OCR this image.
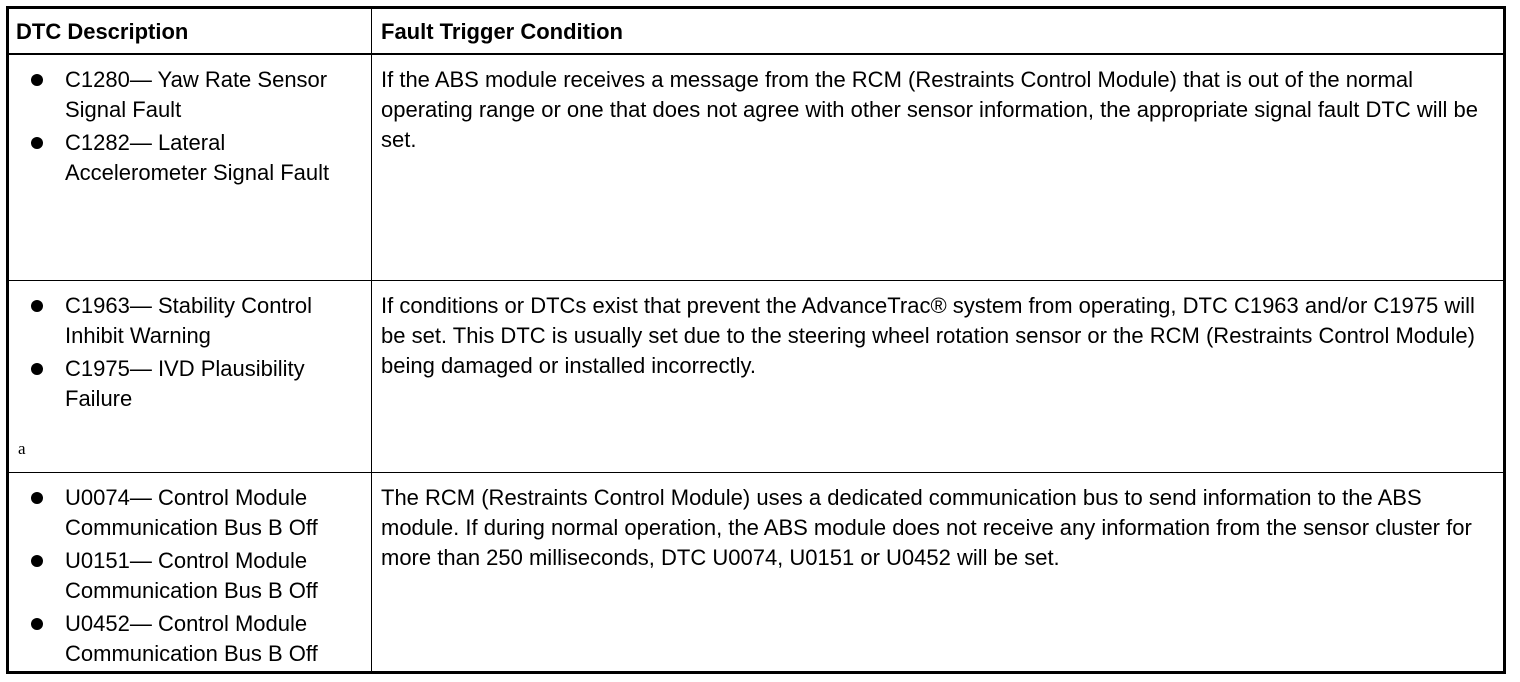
DTC Description	Fault Trigger Condition
C1280— Yaw Rate Sensor Signal Fault
C1282— Lateral Accelerometer Signal Fault

If the ABS module receives a message from the RCM (Restraints Control Module) that is out of the normal operating range or one that does not agree with other sensor information, the appropriate signal fault DTC will be set.

C1963— Stability Control Inhibit Warning
C1975— IVD Plausibility Failure
a

If conditions or DTCs exist that prevent the AdvanceTrac® system from operating, DTC C1963 and/or C1975 will be set. This DTC is usually set due to the steering wheel rotation sensor or the RCM (Restraints Control Module) being damaged or installed incorrectly.

U0074— Control Module Communication Bus B Off
U0151— Control Module Communication Bus B Off
U0452— Control Module Communication Bus B Off

The RCM (Restraints Control Module) uses a dedicated communication bus to send information to the ABS module. If during normal operation, the ABS module does not receive any information from the sensor cluster for more than 250 milliseconds, DTC U0074, U0151 or U0452 will be set.
